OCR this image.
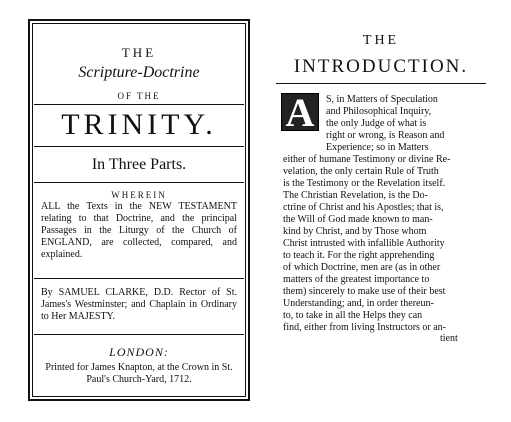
THE
Scripture-Doctrine
OF THE
TRINITY.
In Three Parts.
WHEREIN
ALL the Texts in the NEW TESTAMENT relating to that Doctrine, and the principal Passages in the Liturgy of the Church of ENGLAND, are collected, compared, and explained.
By SAMUEL CLARKE, D.D. Rector of St. James's Westminster; and Chaplain in Ordinary to Her MAJESTY.
LONDON:
Printed for James Knapton, at the Crown in St. Paul's Church-Yard, 1712.
THE
INTRODUCTION.
A	S, in Matters of Speculation
and Philosophical Inquiry,
the only Judge of what is
right or wrong, is Reason and
Experience; so in Matters
either of humane Testimony or divine Re-
velation, the only certain Rule of Truth
is the Testimony or the Revelation itself.
The Christian Revelation, is the Do-
ctrine of Christ and his Apostles; that is,
the Will of God made known to man-
kind by Christ, and by Those whom
Christ intrusted with infallible Authority
to teach it. For the right apprehending
of which Doctrine, men are (as in other
matters of the greatest importance to
them) sincerely to make use of their best
Understanding; and, in order thereun-
to, to take in all the Helps they can
find, either from living Instructors or an-
tient
